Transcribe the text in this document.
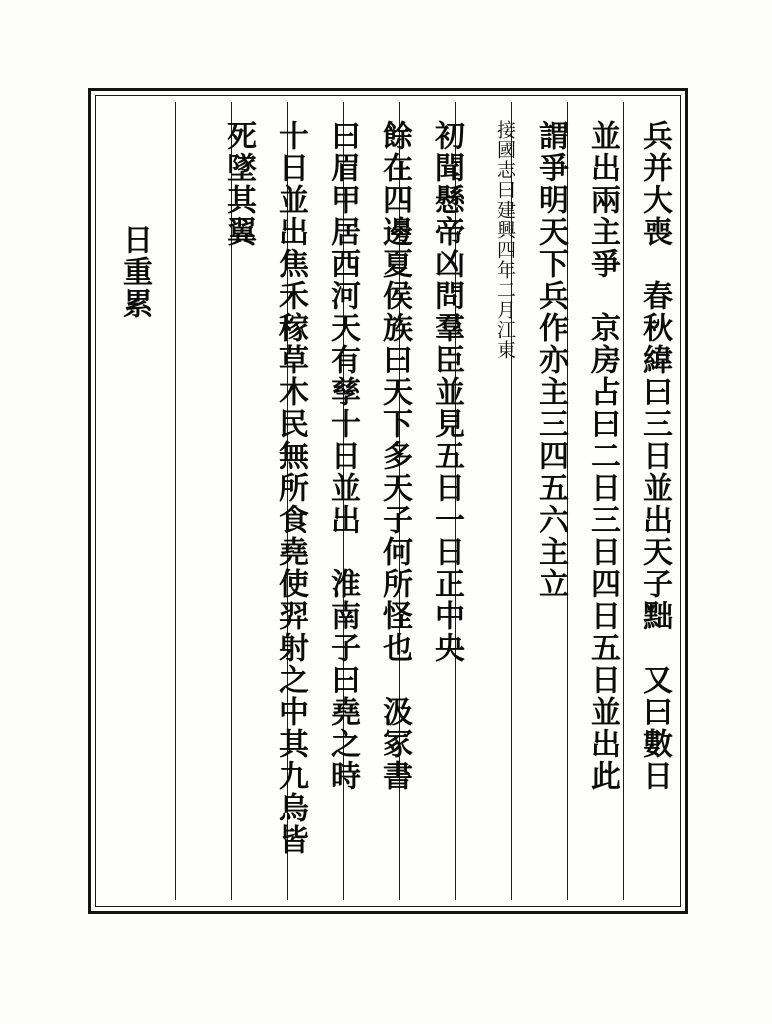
兵并大喪　春秋緯曰三日並出天子黜　又曰數日
並出兩主爭　京房占曰二日三日四日五日並出此
謂爭明天下兵作亦主三四五六主立
接國志曰建興四年二月江東
初聞懸帝凶問羣臣並見五日一日正中央
餘在四邊夏侯族曰天下多天子何所怪也　汲冢書
曰眉甲居西河天有孳十日並出　淮南子曰堯之時
十日並出焦禾稼草木民無所食堯使羿射之中其九烏皆
死墜其翼
日重累
